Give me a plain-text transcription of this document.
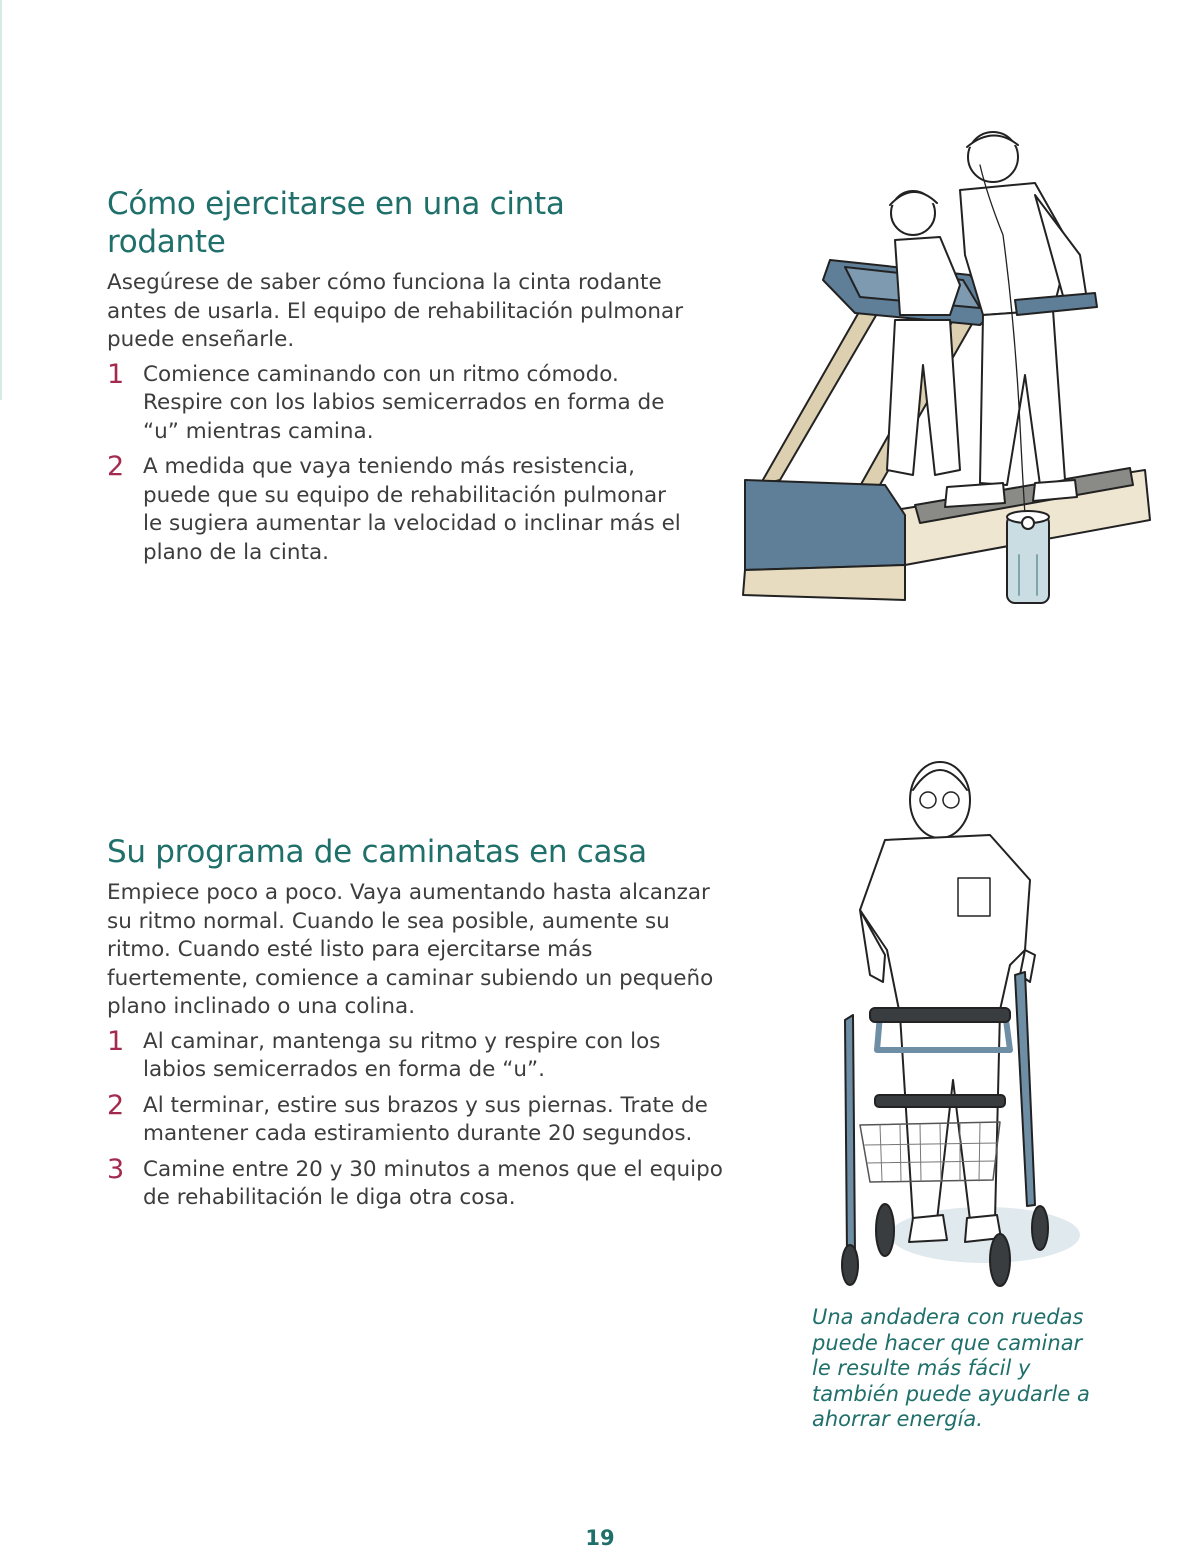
Cómo ejercitarse en una cinta rodante

Asegúrese de saber cómo funciona la cinta rodante antes de usarla. El equipo de rehabilitación pulmonar puede enseñarle.

1 Comience caminando con un ritmo cómodo. Respire con los labios semicerrados en forma de “u” mientras camina.
2 A medida que vaya teniendo más resistencia, puede que su equipo de rehabilitación pulmonar le sugiera aumentar la velocidad o inclinar más el plano de la cinta.
Su programa de caminatas en casa

Empiece poco a poco. Vaya aumentando hasta alcanzar su ritmo normal. Cuando le sea posible, aumente su ritmo. Cuando esté listo para ejercitarse más fuertemente, comience a caminar subiendo un pequeño plano inclinado o una colina.

1 Al caminar, mantenga su ritmo y respire con los labios semicerrados en forma de “u”.
2 Al terminar, estire sus brazos y sus piernas. Trate de mantener cada estiramiento durante 20 segundos.
3 Camine entre 20 y 30 minutos a menos que el equipo de rehabilitación le diga otra cosa.
Una andadera con ruedas puede hacer que caminar le resulte más fácil y también puede ayudarle a ahorrar energía.
19
